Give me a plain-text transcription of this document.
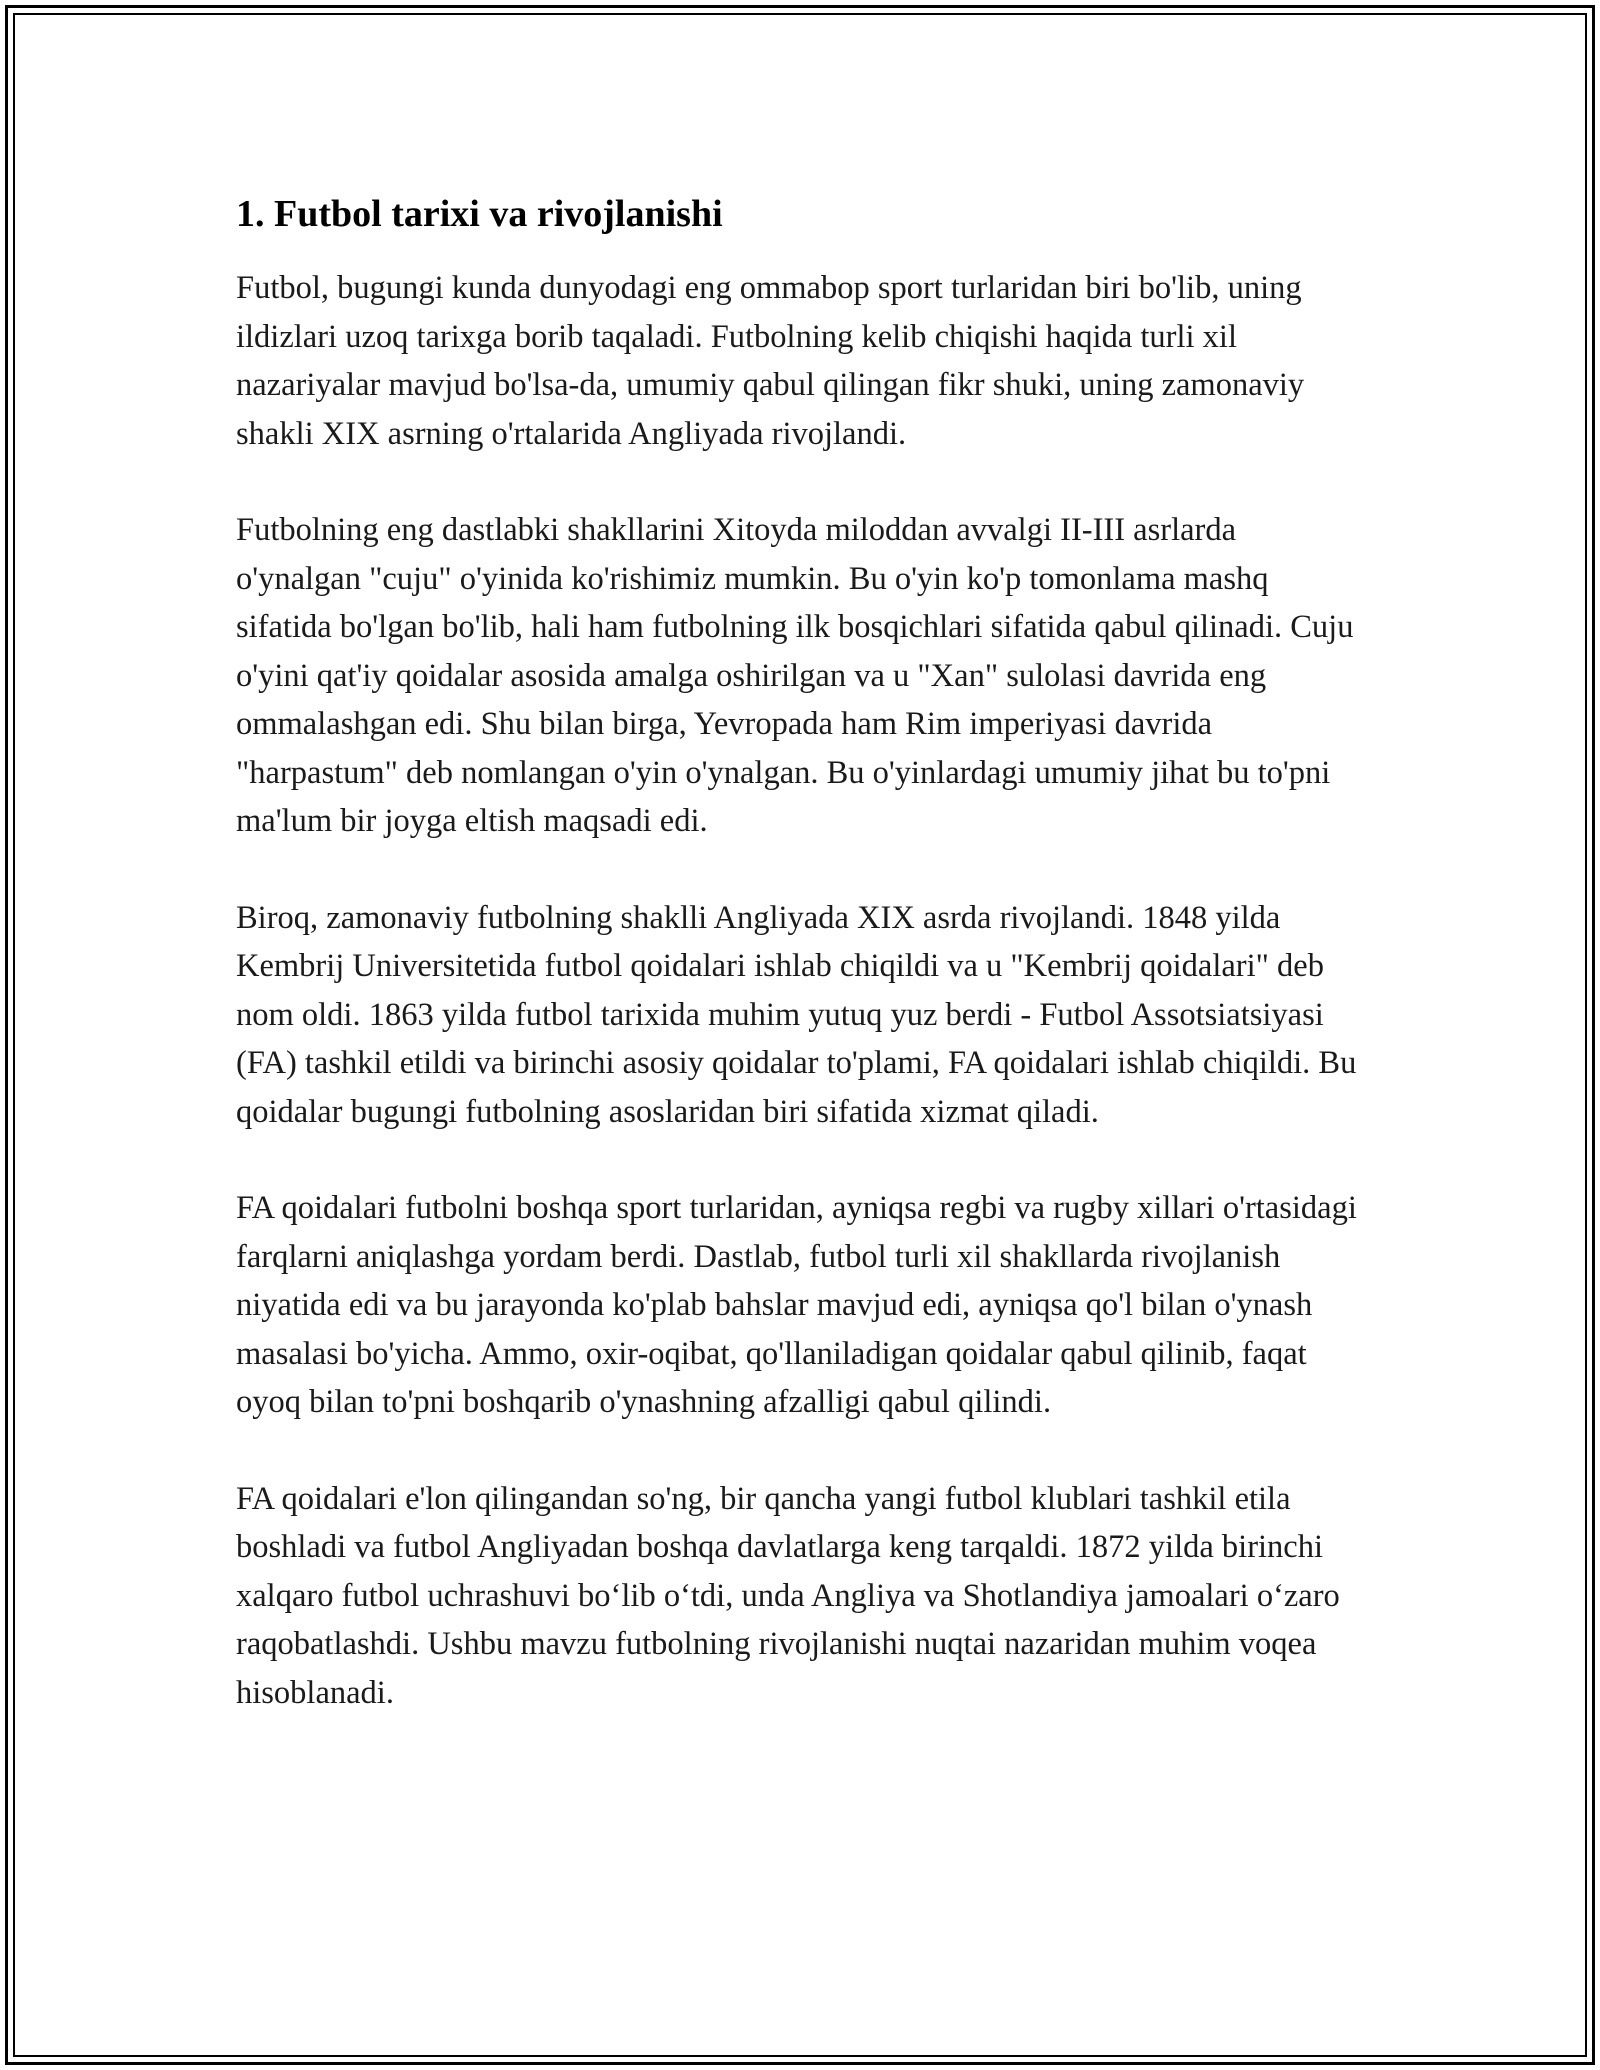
1. Futbol tarixi va rivojlanishi

Futbol, bugungi kunda dunyodagi eng ommabop sport turlaridan biri bo'lib, uning ildizlari uzoq tarixga borib taqaladi. Futbolning kelib chiqishi haqida turli xil nazariyalar mavjud bo'lsa-da, umumiy qabul qilingan fikr shuki, uning zamonaviy shakli XIX asrning o'rtalarida Angliyada rivojlandi.

Futbolning eng dastlabki shakllarini Xitoyda miloddan avvalgi II-III asrlarda o'ynalgan "cuju" o'yinida ko'rishimiz mumkin. Bu o'yin ko'p tomonlama mashq sifatida bo'lgan bo'lib, hali ham futbolning ilk bosqichlari sifatida qabul qilinadi. Cuju o'yini qat'iy qoidalar asosida amalga oshirilgan va u "Xan" sulolasi davrida eng ommalashgan edi. Shu bilan birga, Yevropada ham Rim imperiyasi davrida "harpastum" deb nomlangan o'yin o'ynalgan. Bu o'yinlardagi umumiy jihat bu to'pni ma'lum bir joyga eltish maqsadi edi.

Biroq, zamonaviy futbolning shaklli Angliyada XIX asrda rivojlandi. 1848 yilda Kembrij Universitetida futbol qoidalari ishlab chiqildi va u "Kembrij qoidalari" deb nom oldi. 1863 yilda futbol tarixida muhim yutuq yuz berdi - Futbol Assotsiatsiyasi (FA) tashkil etildi va birinchi asosiy qoidalar to'plami, FA qoidalari ishlab chiqildi. Bu qoidalar bugungi futbolning asoslaridan biri sifatida xizmat qiladi.

FA qoidalari futbolni boshqa sport turlaridan, ayniqsa regbi va rugby xillari o'rtasidagi farqlarni aniqlashga yordam berdi. Dastlab, futbol turli xil shakllarda rivojlanish niyatida edi va bu jarayonda ko'plab bahslar mavjud edi, ayniqsa qo'l bilan o'ynash masalasi bo'yicha. Ammo, oxir-oqibat, qo'llaniladigan qoidalar qabul qilinib, faqat oyoq bilan to'pni boshqarib o'ynashning afzalligi qabul qilindi.

FA qoidalari e'lon qilingandan so'ng, bir qancha yangi futbol klublari tashkil etila boshladi va futbol Angliyadan boshqa davlatlarga keng tarqaldi. 1872 yilda birinchi xalqaro futbol uchrashuvi bo‘lib o‘tdi, unda Angliya va Shotlandiya jamoalari o‘zaro raqobatlashdi. Ushbu mavzu futbolning rivojlanishi nuqtai nazaridan muhim voqea hisoblanadi.
